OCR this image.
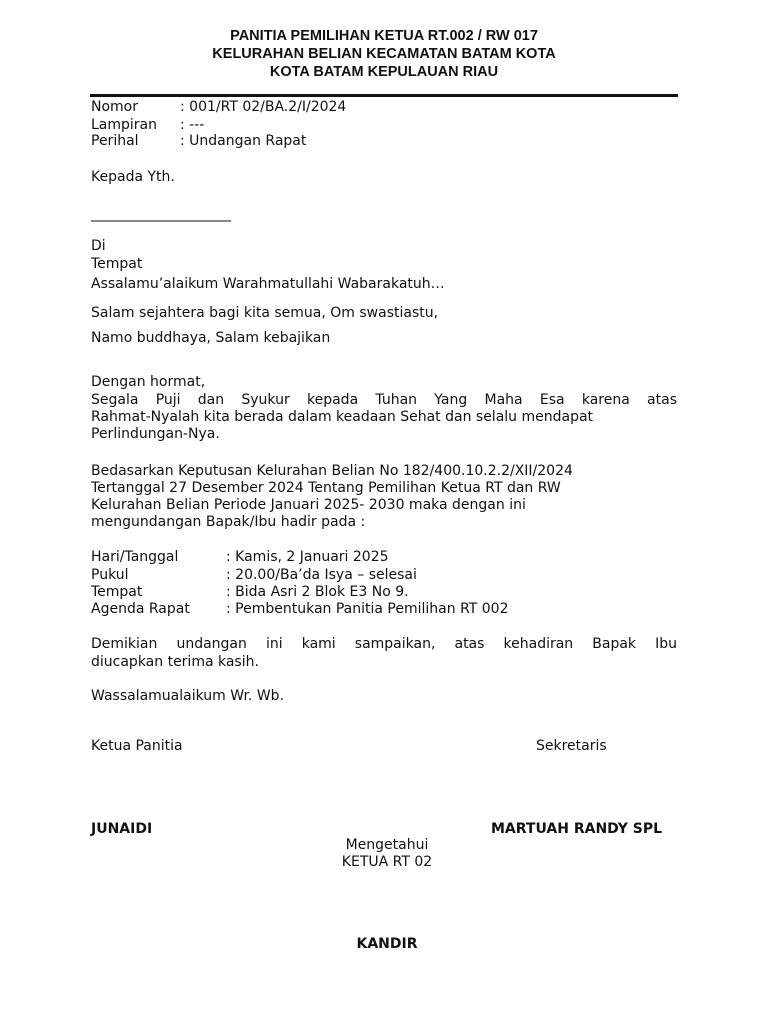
PANITIA PEMILIHAN KETUA RT.002 / RW 017
KELURAHAN BELIAN KECAMATAN BATAM KOTA
KOTA BATAM KEPULAUAN RIAU
Nomor	: 001/RT 02/BA.2/I/2024
Lampiran : ---
Perihal	: Undangan Rapat
Kepada Yth.
____________________
Di
Tempat
Assalamu’alaikum Warahmatullahi Wabarakatuh…
Salam sejahtera bagi kita semua, Om swastiastu,
Namo buddhaya, Salam kebajikan
Dengan hormat,
Segala Puji dan Syukur kepada Tuhan Yang Maha Esa karena atas
Rahmat-Nyalah kita berada dalam keadaan Sehat dan selalu mendapat
Perlindungan-Nya.
Bedasarkan Keputusan Kelurahan Belian No 182/400.10.2.2/XII/2024
Tertanggal 27 Desember 2024 Tentang Pemilihan Ketua RT dan RW
Kelurahan Belian Periode Januari 2025- 2030 maka dengan ini
mengundangan Bapak/Ibu hadir pada :
Hari/Tanggal	: Kamis, 2 Januari 2025
Pukul	: 20.00/Ba’da Isya – selesai
Tempat	: Bida Asri 2 Blok E3 No 9.
Agenda Rapat	: Pembentukan Panitia Pemilihan RT 002
Demikian undangan ini kami sampaikan, atas kehadiran Bapak Ibu
diucapkan terima kasih.
Wassalamualaikum Wr. Wb.
Ketua Panitia	Sekretaris
JUNAIDI	MARTUAH RANDY SPL
Mengetahui
KETUA RT 02
KANDIR
